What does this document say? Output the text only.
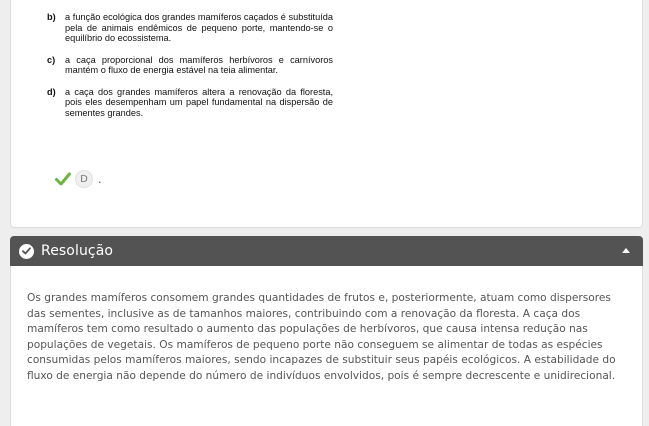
b)	a função ecológica dos grandes mamíferos caçados é substituída pela de animais endêmicos de pequeno porte, mantendo-se o equilíbrio do ecossistema.
c)	a caça proporcional dos mamíferos herbívoros e carnívoros mantém o fluxo de energia estável na teia alimentar.
d)	a caça dos grandes mamíferos altera a renovação da floresta, pois eles desempenham um papel fundamental na dispersão de sementes grandes.
D .
Resolução
Os grandes mamíferos consomem grandes quantidades de frutos e, posteriormente, atuam como dispersores das sementes, inclusive as de tamanhos maiores, contribuindo com a renovação da floresta. A caça dos mamíferos tem como resultado o aumento das populações de herbívoros, que causa intensa redução nas populações de vegetais. Os mamíferos de pequeno porte não conseguem se alimentar de todas as espécies consumidas pelos mamíferos maiores, sendo incapazes de substituir seus papéis ecológicos. A estabilidade do fluxo de energia não depende do número de indivíduos envolvidos, pois é sempre decrescente e unidirecional.
